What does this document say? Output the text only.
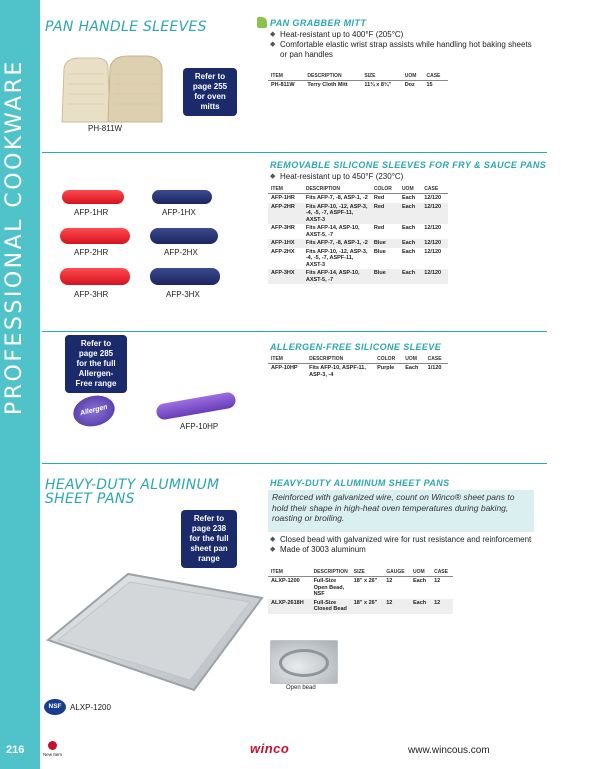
PROFESSIONAL COOKWARE
216
PAN HANDLE SLEEVES
PH-811W
Refer to
page 255
for oven
mitts
PAN GRABBER MITT
◆ Heat-resistant up to 400°F (205°C)
◆ Comfortable elastic wrist strap assists while handling hot baking sheets or pan handles
ITEM	DESCRIPTION	SIZE	UOM	CASE
PH-811W	Terry Cloth Mitt	11¾ x 8¾"	Doz	15
AFP-1HR	AFP-1HX
AFP-2HR	AFP-2HX
AFP-3HR	AFP-3HX
REMOVABLE SILICONE SLEEVES FOR FRY & SAUCE PANS
◆ Heat-resistant up to 450°F (230°C)
ITEM	DESCRIPTION	COLOR	UOM	CASE
AFP-1HR	Fits AFP-7, -8, ASP-1, -2	Red	Each	12/120
AFP-2HR	Fits AFP-10, -12, ASP-3, -4, -5, -7, ASPF-11, AXST-3	Red	Each	12/120
AFP-3HR	Fits AFP-14, ASP-10, AXST-5, -7	Red	Each	12/120
AFP-1HX	Fits AFP-7, -8, ASP-1, -2	Blue	Each	12/120
AFP-2HX	Fits AFP-10, -12, ASP-3, -4, -5, -7, ASPF-11, AXST-3	Blue	Each	12/120
AFP-3HX	Fits AFP-14, ASP-10, AXST-5, -7	Blue	Each	12/120
Refer to
page 285
for the full
Allergen-
Free range
Allergen Free
AFP-10HP
ALLERGEN-FREE SILICONE SLEEVE
ITEM	DESCRIPTION	COLOR	UOM	CASE
AFP-10HP	Fits AFP-10, ASPF-11, ASP-3, -4	Purple	Each	1/120
HEAVY-DUTY ALUMINUM
SHEET PANS
Refer to
page 238
for the full
sheet pan
range
NSF	ALXP-1200
HEAVY-DUTY ALUMINUM SHEET PANS
Reinforced with galvanized wire, count on Winco® sheet pans to hold their shape in high-heat oven temperatures during baking, roasting or broiling.
◆ Closed bead with galvanized wire for rust resistance and reinforcement
◆ Made of 3003 aluminum
ITEM	DESCRIPTION	SIZE	GAUGE	UOM	CASE
ALXP-1200	Full-Size Open Bead, NSF	18" x 26"	12	Each	12
ALXP-2618H	Full-Size Closed Bead	18" x 26"	12	Each	12
Open bead
New Item	winco	www.wincous.com
